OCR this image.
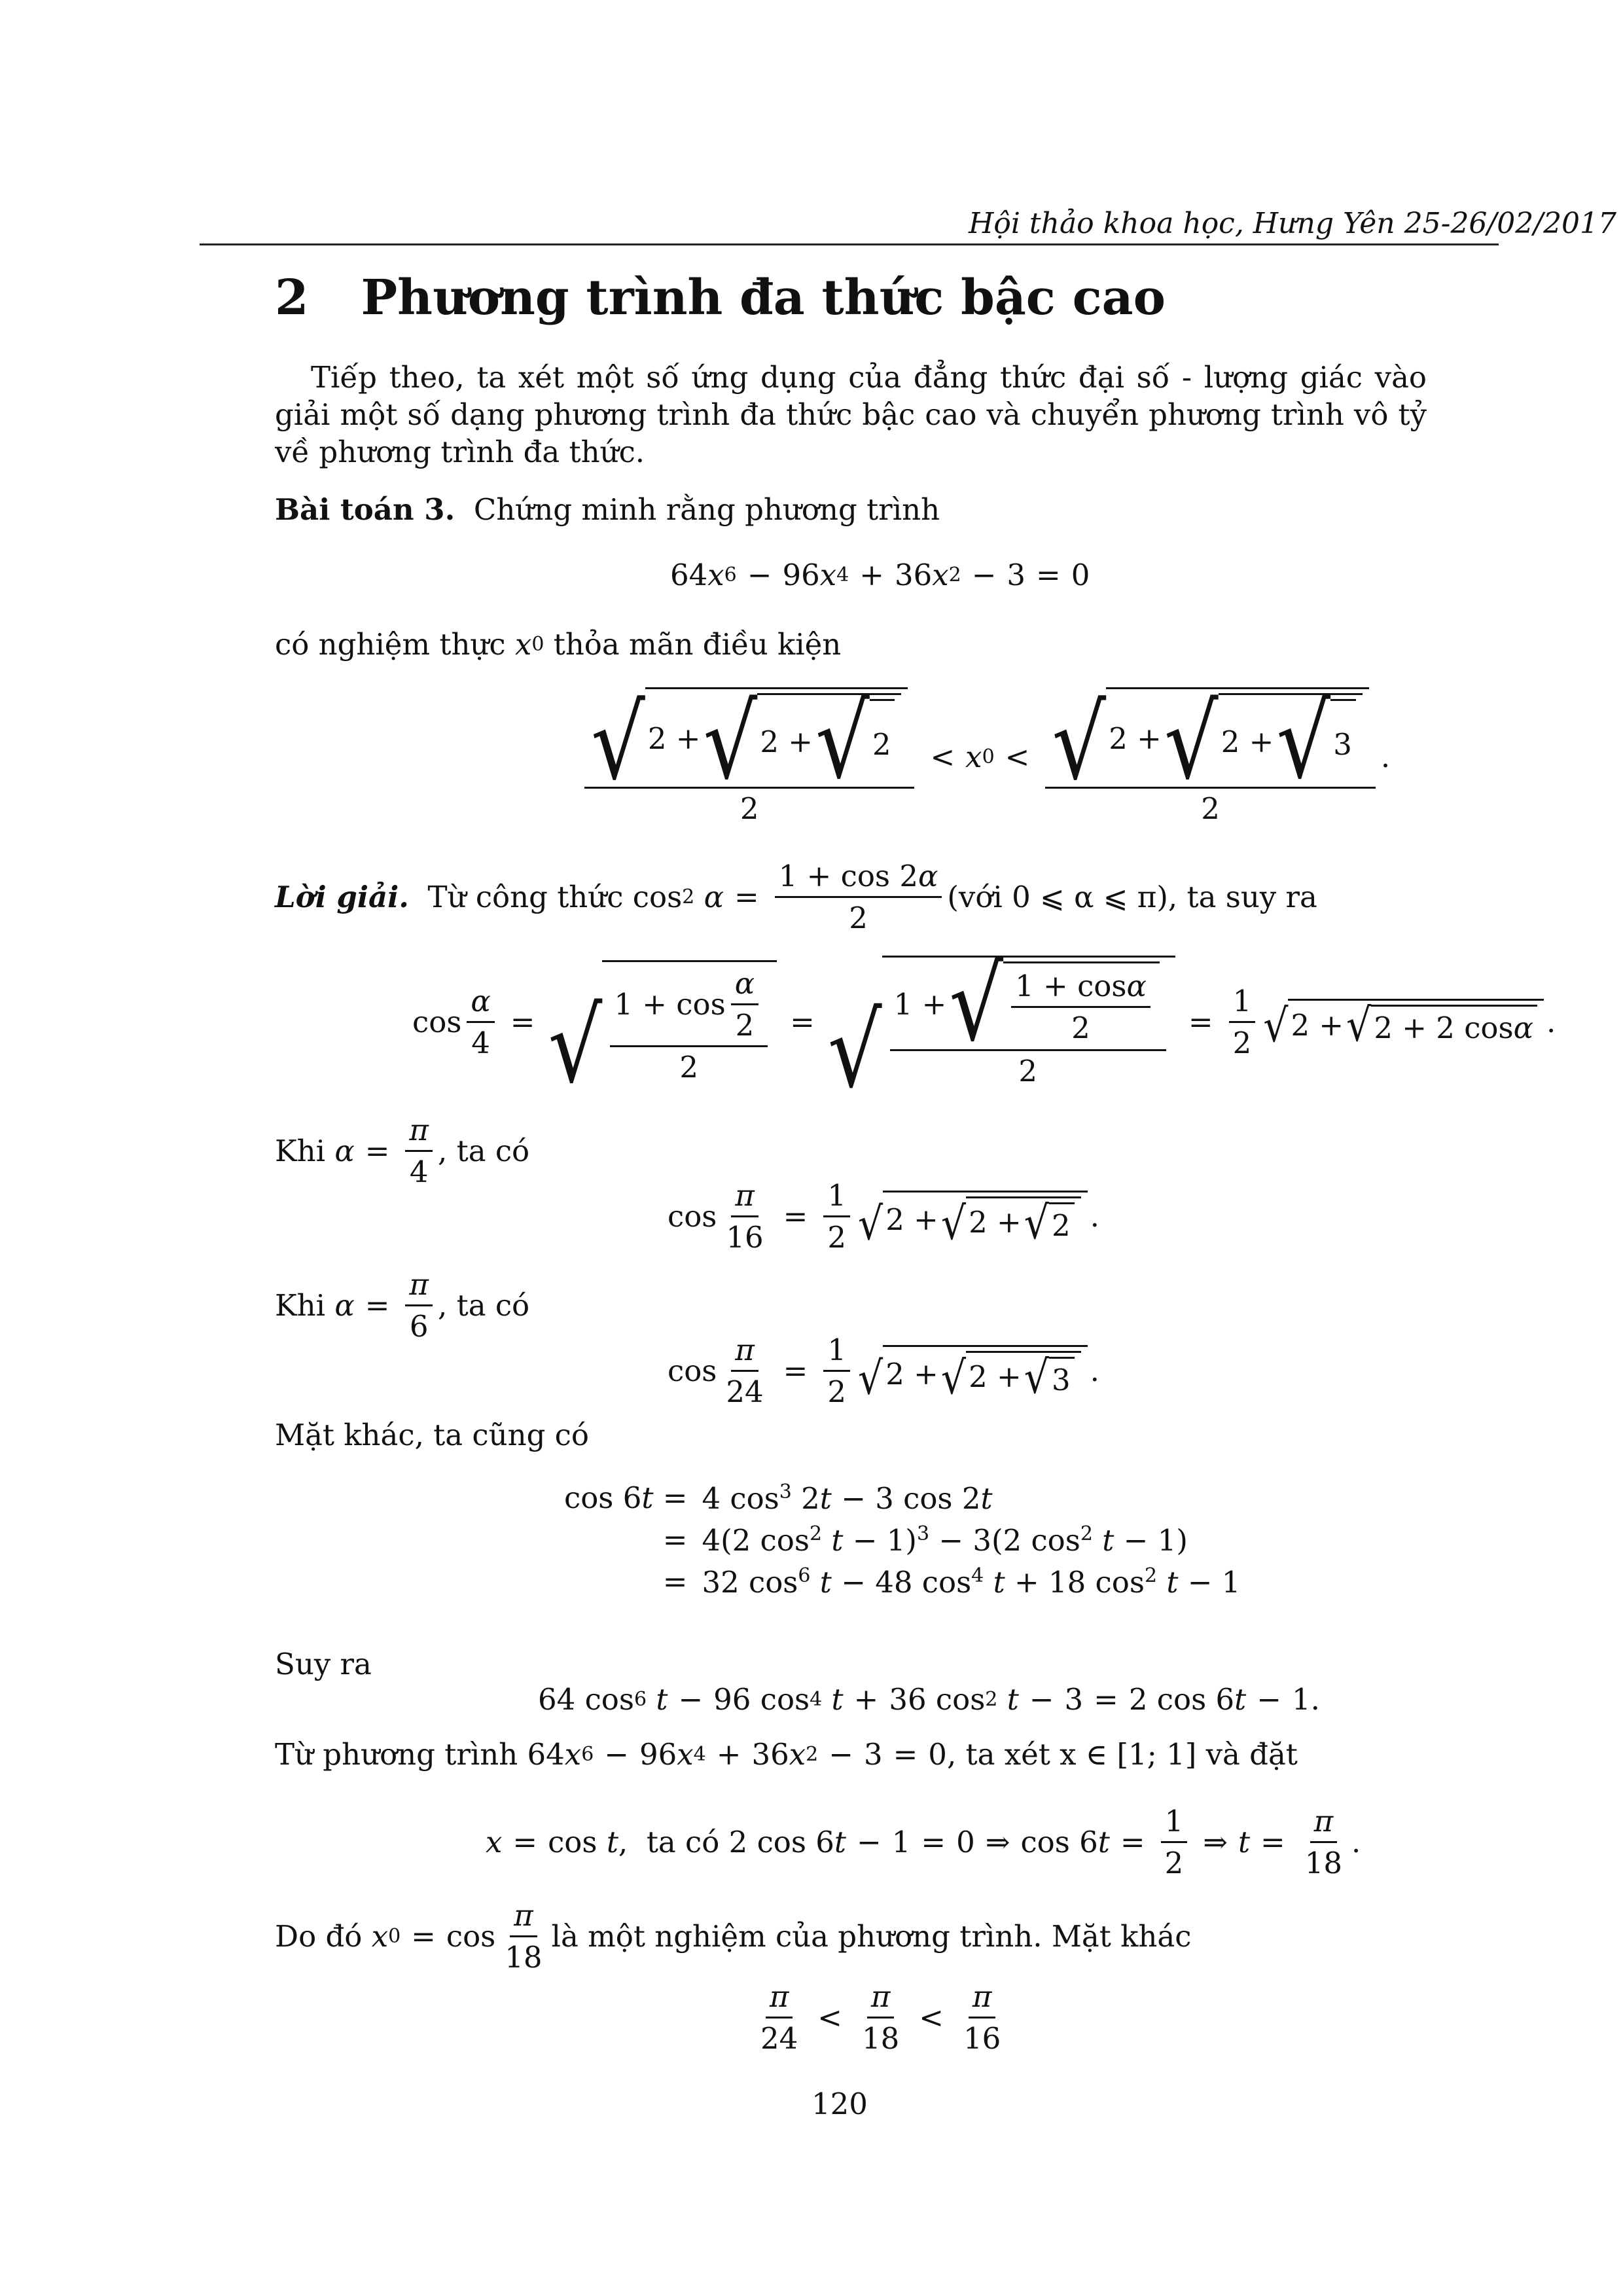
Hội thảo khoa học, Hưng Yên 25-26/02/2017
2 Phương trình đa thức bậc cao
Tiếp theo, ta xét một số ứng dụng của đẳng thức đại số - lượng giác vào giải một số dạng phương trình đa thức bậc cao và chuyển phương trình vô tỷ về phương trình đa thức.
Bài toán 3.
Chứng minh rằng phương trình
64 x 6 − 96 x 4 + 36 x 2 − 3 = 0
có nghiệm thực
x 0
thỏa mãn điều kiện
$\frac{√ 2 + √ 2 + √ 2}{2} < x$ $0 < \frac{√ 2 + √ 2 + √ 3}{2}$ .
Lời giải.
Từ công thức cos 2
$\alpha = \frac{1 + \cos 2 \alpha}{2}$ (với 0 ⩽ α ⩽ π), ta suy ra
$\cos \frac{\alpha}{4}$ = √ $\frac{1 + \cos \frac{\alpha}{2}}{2}$ = √ $\frac{1 + √ \frac{\text{1 + cos α}}{2}}{2} = \frac{1}{2}$ √ 2 + √ 2 + 2 cos α .
Khi
$\alpha = \frac{\pi}{4}$ , ta có
$\cos \frac{\pi}{16} = \frac{1}{2}$ √ 2 + √ 2 + √ 2 .
Khi
$\alpha = \frac{\pi}{6}$ , ta có
$\cos \frac{\pi}{24} = \frac{1}{2}$ √ 2 + √ 2 + √ 3 .
Mặt khác, ta cũng có
cos 6t = 4 $\cos^3 2t - 3$ cos 2t
= 4(2 $\cos^2 t - 1)^3 - 3(2$ $\cos^2 t - 1$)
= 32 $\cos^6 t - 48$ $\cos^4 t + 18$ $\cos^2 t - 1$
Suy ra
64 cos 6
t − 96 cos 4
t + 36 cos 2
t − 3 = 2 cos 6 t − 1.
Từ phương trình 64 x 6 − 96 x 4 + 36 x 2 − 3 = 0 , ta xét x ∈ [1; 1] và đặt
x = cos t , ta có 2 cos 6 t − 1 = 0 ⇒ cos 6 $t = \frac{1}{2}$ ⇒ $t = \frac{\pi}{18}$ .
Do đó
x $0 = \cos \frac{\pi}{18}$ là một nghiệm của phương trình. Mặt khác
$\frac{\pi}{24} < \frac{\pi}{18} < \frac{\pi}{16}$
120
